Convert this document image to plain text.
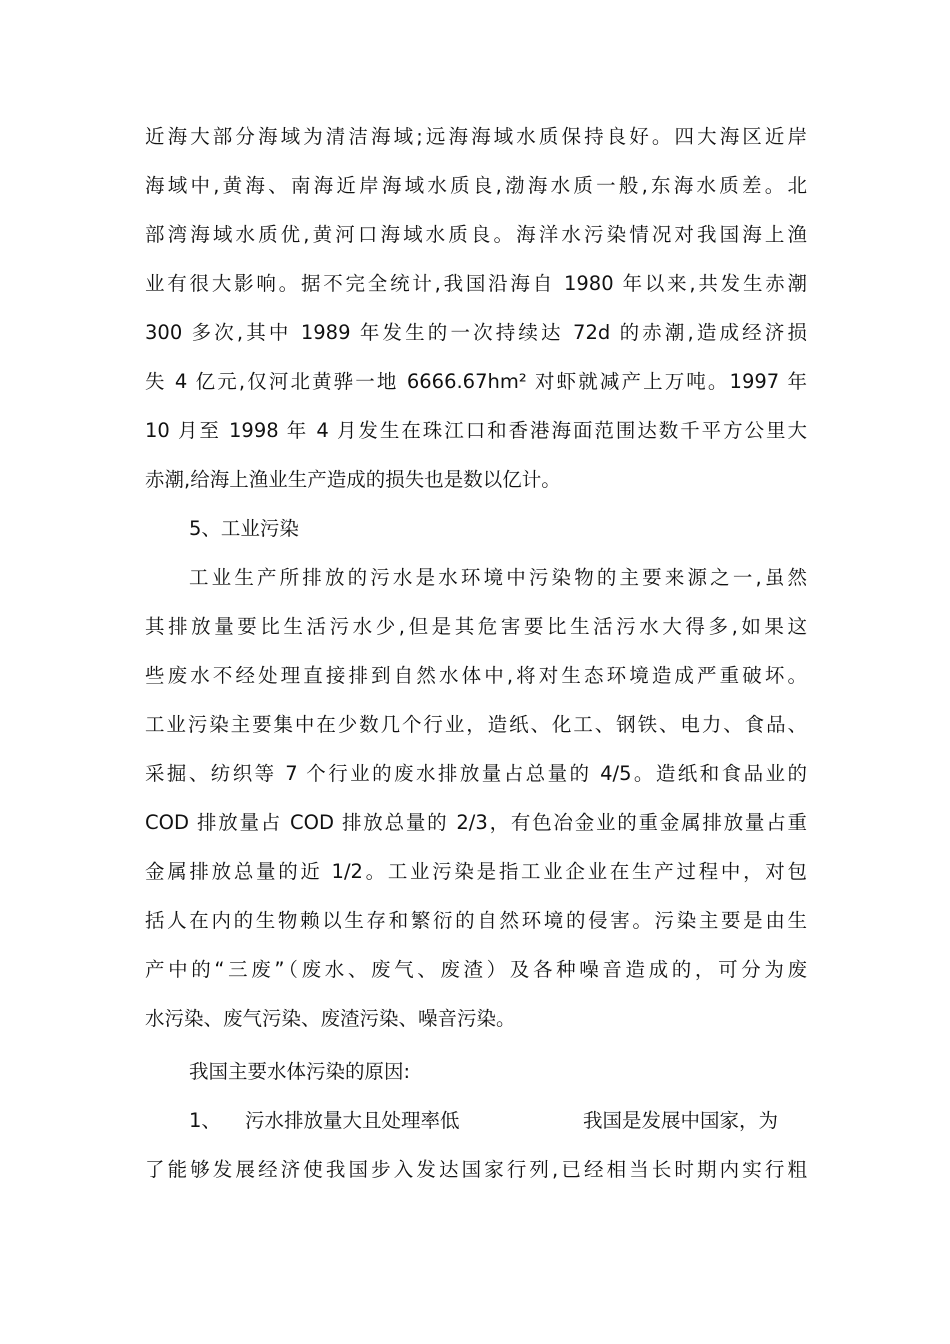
近海大部分海域为清洁海域;远海海域水质保持良好。四大海区近岸
海域中,黄海、南海近岸海域水质良,渤海水质一般,东海水质差。北
部湾海域水质优,黄河口海域水质良。海洋水污染情况对我国海上渔
业有很大影响。据不完全统计,我国沿海自 1980 年以来,共发生赤潮
300 多次,其中 1989 年发生的一次持续达 72d 的赤潮,造成经济损
失 4 亿元,仅河北黄骅一地 6666.67hm² 对虾就减产上万吨。1997 年
10 月至 1998 年 4 月发生在珠江口和香港海面范围达数千平方公里大
赤潮,给海上渔业生产造成的损失也是数以亿计。
5、工业污染
工业生产所排放的污水是水环境中污染物的主要来源之一,虽然
其排放量要比生活污水少,但是其危害要比生活污水大得多,如果这
些废水不经处理直接排到自然水体中,将对生态环境造成严重破坏。
工业污染主要集中在少数几个行业，造纸、化工、钢铁、电力、食品、
采掘、纺织等 7 个行业的废水排放量占总量的 4/5。造纸和食品业的
COD 排放量占 COD 排放总量的 2/3，有色冶金业的重金属排放量占重
金属排放总量的近 1/2。工业污染是指工业企业在生产过程中，对包
括人在内的生物赖以生存和繁衍的自然环境的侵害。污染主要是由生
产中的“三废”（废水、废气、废渣）及各种噪音造成的，可分为废
水污染、废气污染、废渣污染、噪音污染。
我国主要水体污染的原因:
1、 污水排放量大且处理率低	我国是发展中国家，为
了能够发展经济使我国步入发达国家行列,已经相当长时期内实行粗
